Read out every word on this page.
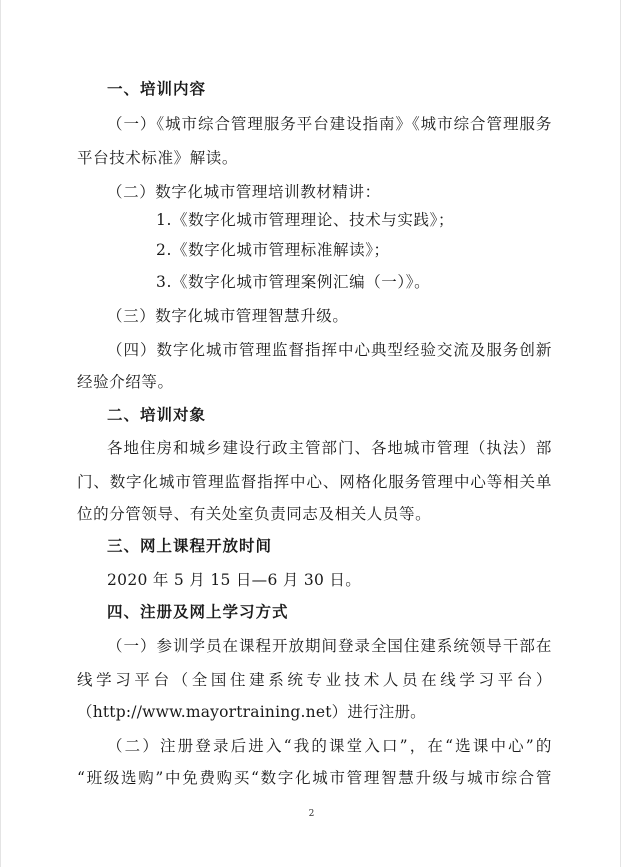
一、培训内容
（一）《城市综合管理服务平台建设指南》《城市综合管理服务
平台技术标准》解读。
（二）数字化城市管理培训教材精讲：
1.《数字化城市管理理论、技术与实践》；
2.《数字化城市管理标准解读》；
3.《数字化城市管理案例汇编（一）》。
（三）数字化城市管理智慧升级。
（四）数字化城市管理监督指挥中心典型经验交流及服务创新
经验介绍等。
二、培训对象
各地住房和城乡建设行政主管部门、各地城市管理（执法）部
门、数字化城市管理监督指挥中心、网格化服务管理中心等相关单
位的分管领导、有关处室负责同志及相关人员等。
三、网上课程开放时间
2020 年 5 月 15 日—6 月 30 日。
四、注册及网上学习方式
（一）参训学员在课程开放期间登录全国住建系统领导干部在
线学习平台（全国住建系统专业技术人员在线学习平台）
（http://www.mayortraining.net）进行注册。
（二）注册登录后进入“我的课堂入口”，在“选课中心”的
“班级选购”中免费购买“数字化城市管理智慧升级与城市综合管
2
